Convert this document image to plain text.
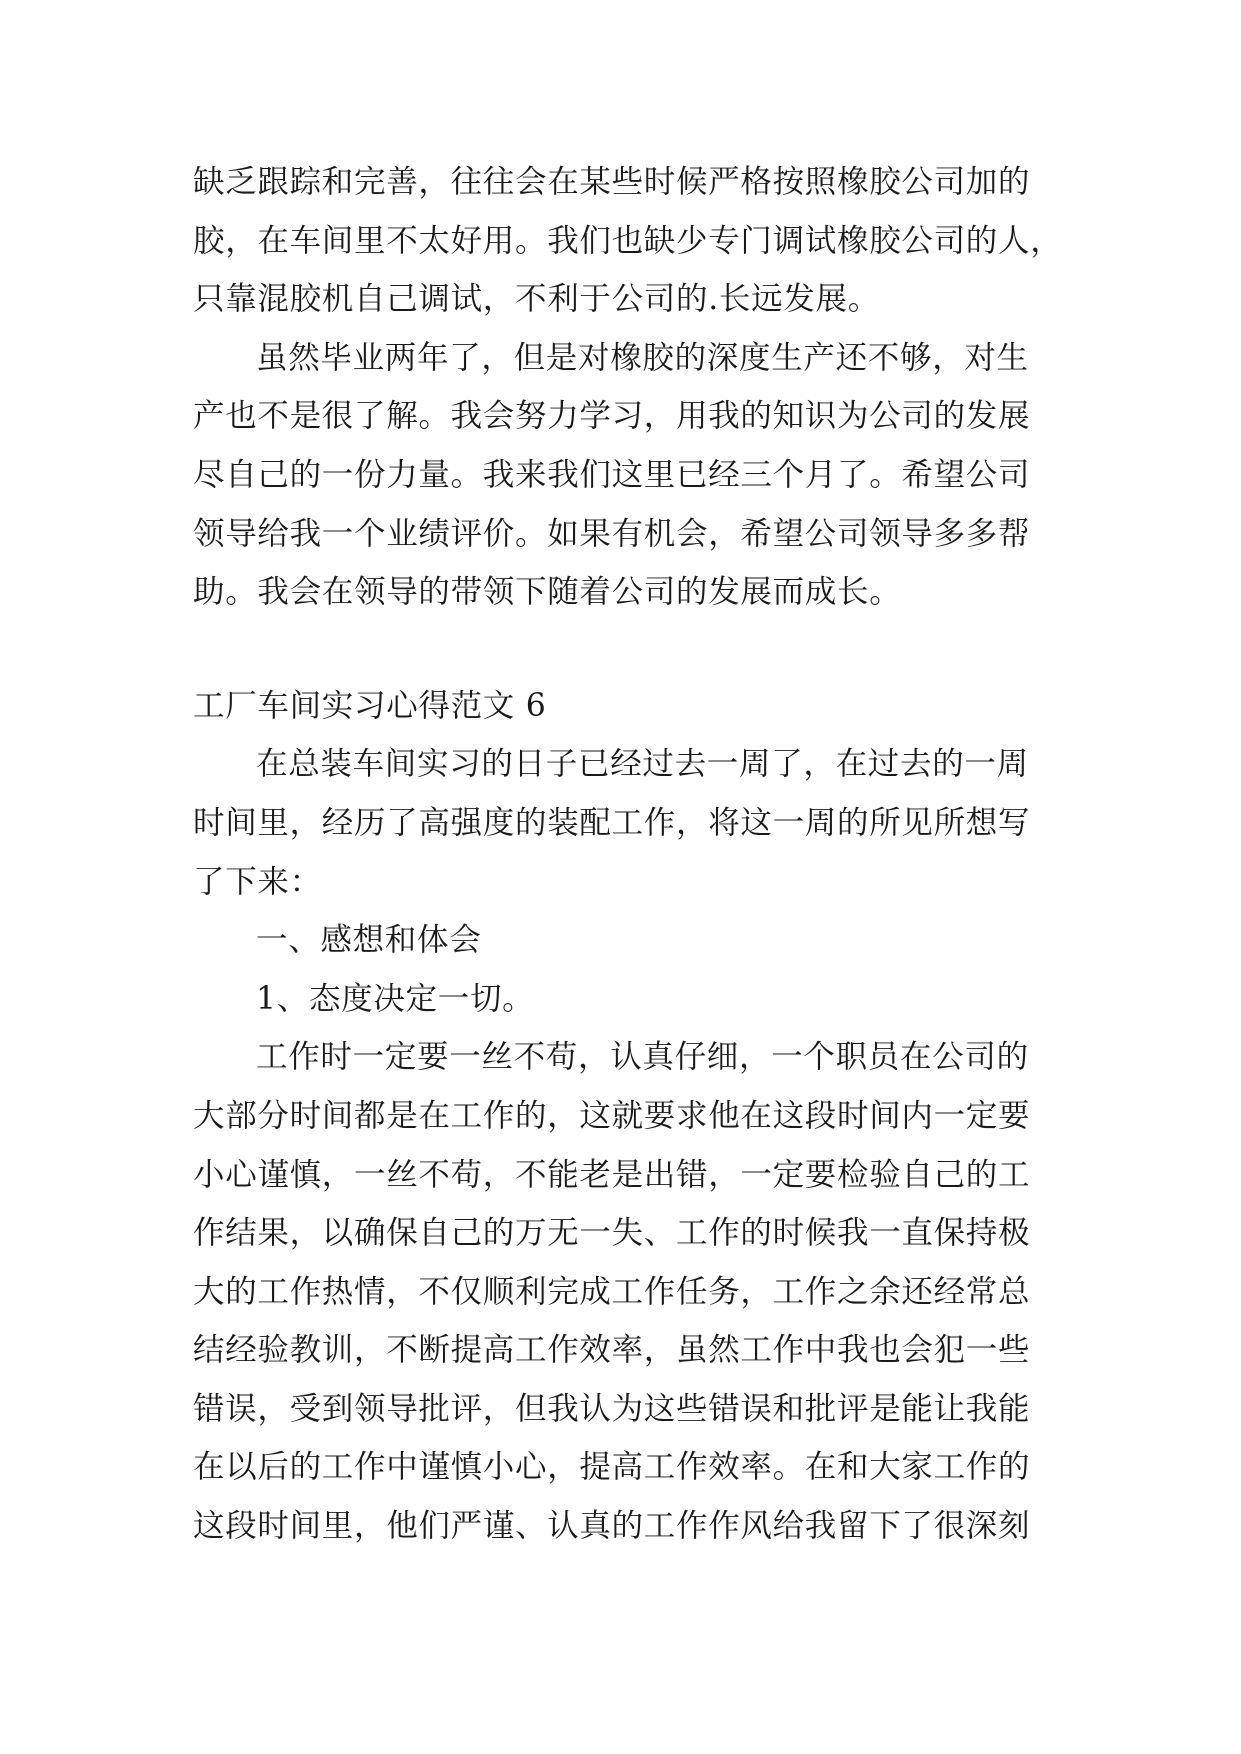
缺乏跟踪和完善，往往会在某些时候严格按照橡胶公司加的
胶，在车间里不太好用。我们也缺少专门调试橡胶公司的人，
只靠混胶机自己调试，不利于公司的.长远发展。
虽然毕业两年了，但是对橡胶的深度生产还不够，对生
产也不是很了解。我会努力学习，用我的知识为公司的发展
尽自己的一份力量。我来我们这里已经三个月了。希望公司
领导给我一个业绩评价。如果有机会，希望公司领导多多帮
助。我会在领导的带领下随着公司的发展而成长。
工厂车间实习心得范文 6
在总装车间实习的日子已经过去一周了，在过去的一周
时间里，经历了高强度的装配工作，将这一周的所见所想写
了下来：
一、感想和体会
1、态度决定一切。
工作时一定要一丝不苟，认真仔细，一个职员在公司的
大部分时间都是在工作的，这就要求他在这段时间内一定要
小心谨慎，一丝不苟，不能老是出错，一定要检验自己的工
作结果，以确保自己的万无一失、工作的时候我一直保持极
大的工作热情，不仅顺利完成工作任务，工作之余还经常总
结经验教训，不断提高工作效率，虽然工作中我也会犯一些
错误，受到领导批评，但我认为这些错误和批评是能让我能
在以后的工作中谨慎小心，提高工作效率。在和大家工作的
这段时间里，他们严谨、认真的工作作风给我留下了很深刻
